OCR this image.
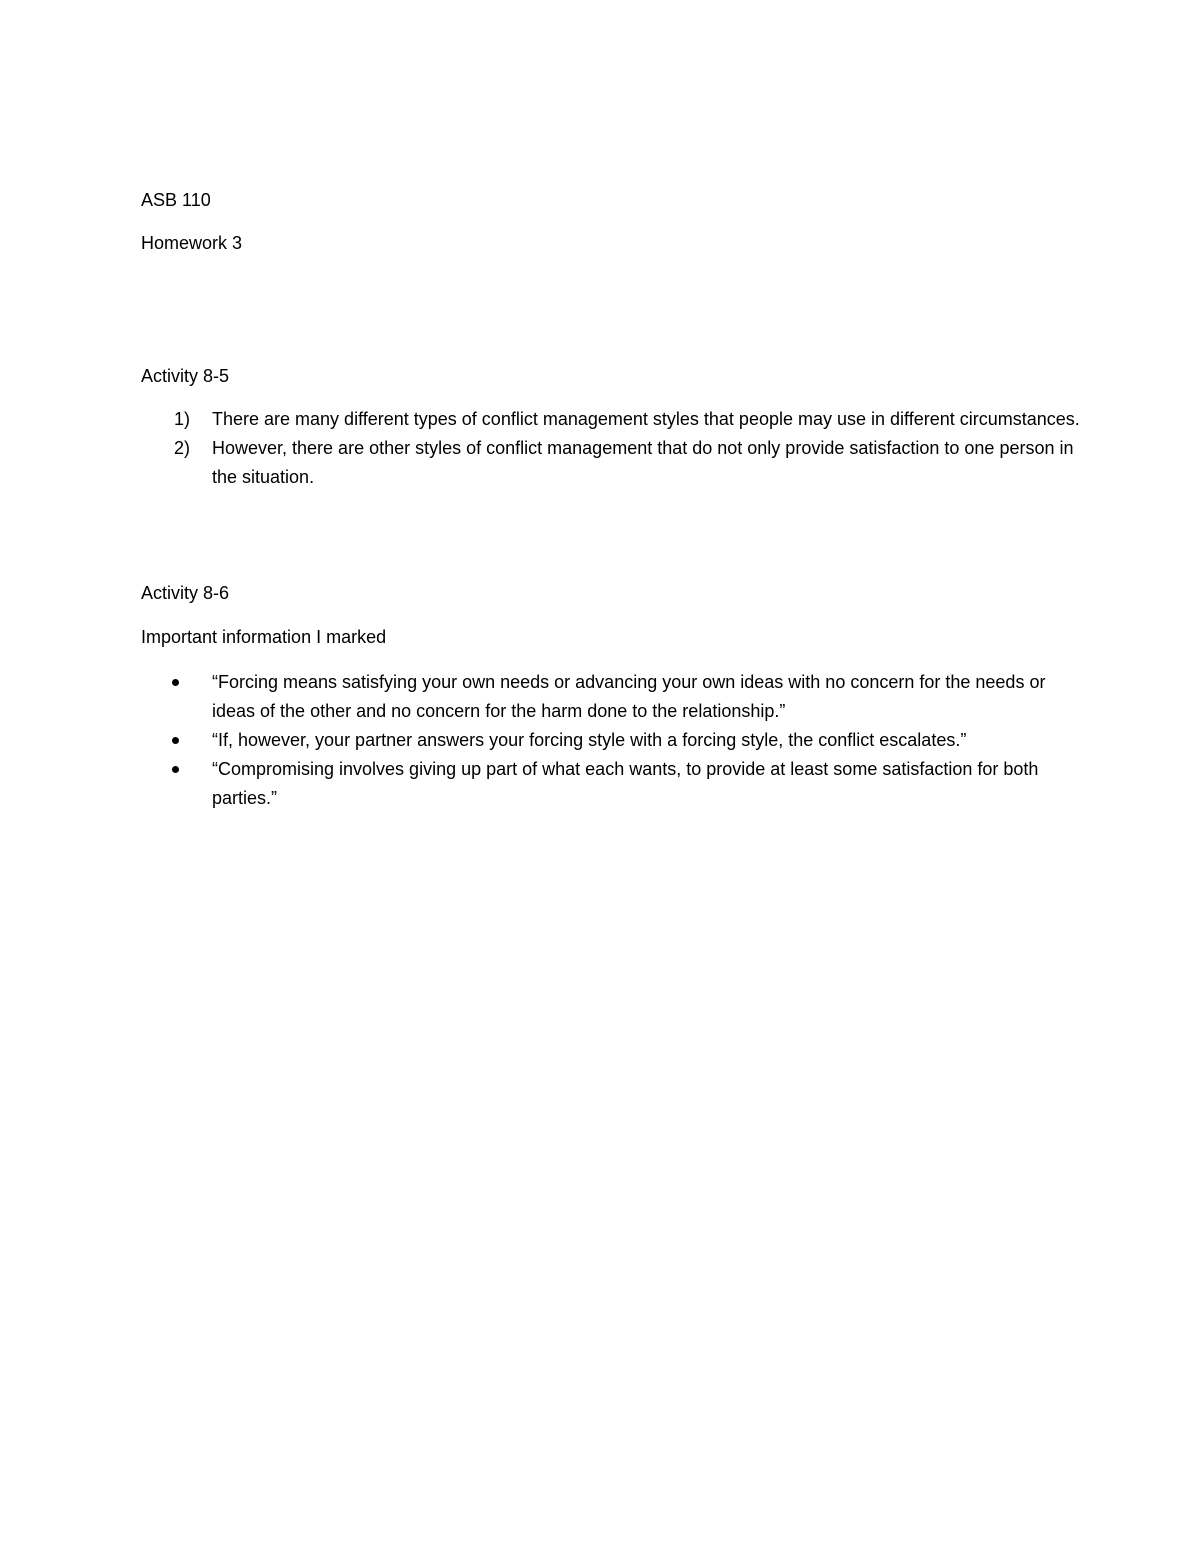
ASB 110
Homework 3
Activity 8-5
1)	There are many different types of conflict management styles that people may use in different circumstances.
2)	However, there are other styles of conflict management that do not only provide satisfaction to one person in the situation.
Activity 8-6
Important information I marked
“Forcing means satisfying your own needs or advancing your own ideas with no concern for the needs or ideas of the other and no concern for the harm done to the relationship.”
“If, however, your partner answers your forcing style with a forcing style, the conflict escalates.”
“Compromising involves giving up part of what each wants, to provide at least some satisfaction for both parties.”
